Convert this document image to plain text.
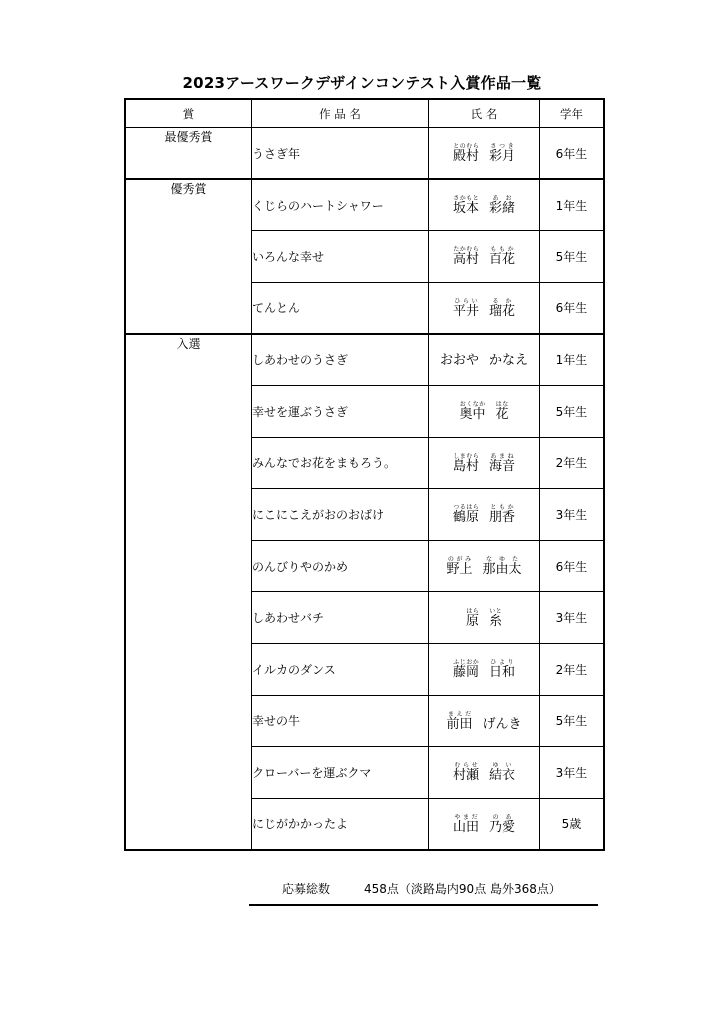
2023アースワークデザインコンテスト入賞作品一覧
賞	作 品 名	氏 名	学年
最優秀賞	うさぎ年	殿村とのむら彩月さつき	6年生
優秀賞	くじらのハートシャワー	坂本さかもと彩緒あお	1年生
	いろんな幸せ	高村たかむら百花ももか	5年生
	てんとん	平井ひらい瑠花るか	6年生
入選	しあわせのうさぎ	おおや かなえ	1年生
	幸せを運ぶうさぎ	奥中おくなか花はな	5年生
	みんなでお花をまもろう。	島村しまむら海音あまね	2年生
	にこにこえがおのおばけ	鶴原つるはら朋香ともか	3年生
	のんびりやのかめ	野上のがみ那由太なゆた	6年生
	しあわせバチ	原はら糸いと	3年生
	イルカのダンス	藤岡ふじおか日和ひより	2年生
	幸せの牛	前田まえだげんき	5年生
	クローバーを運ぶクマ	村瀬むらせ結衣ゆい	3年生
	にじがかかったよ	山田やまだ乃愛のあ	5歳
応募総数	458点（淡路島内90点 島外368点）
